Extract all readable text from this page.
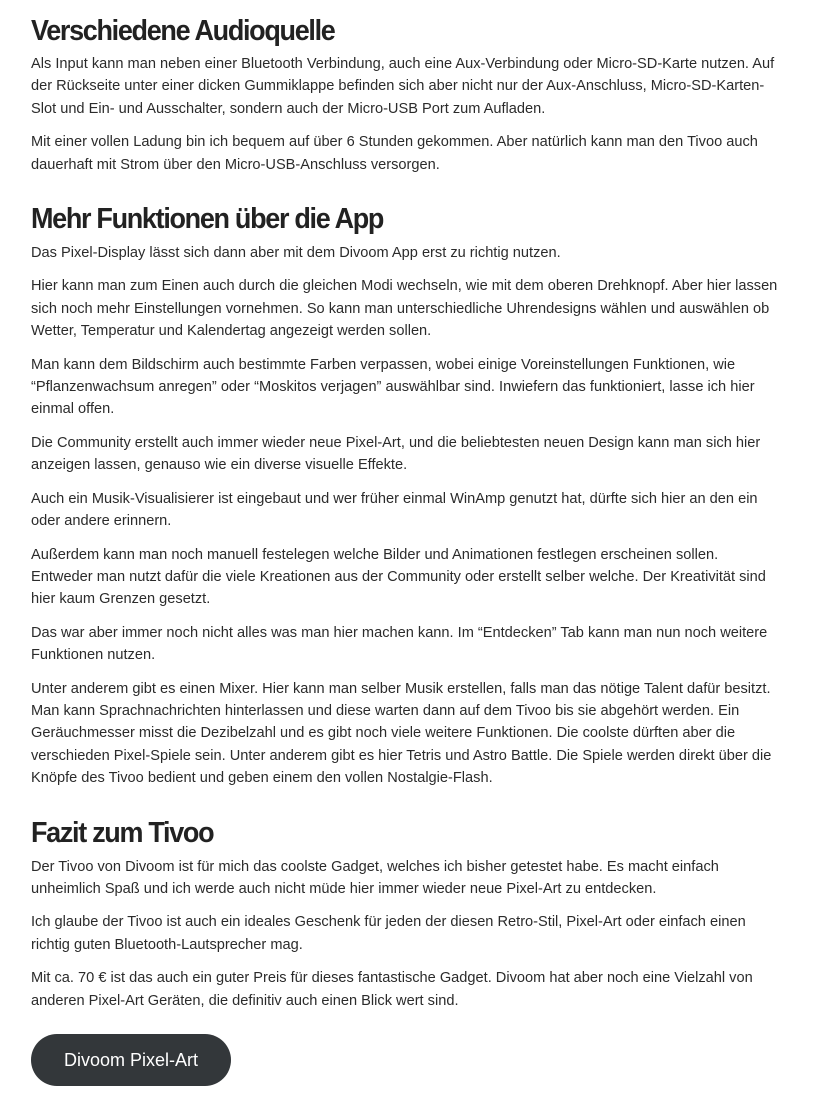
Verschiedene Audioquelle

Als Input kann man neben einer Bluetooth Verbindung, auch eine Aux-Verbindung oder Micro-SD-Karte nutzen. Auf der Rückseite unter einer dicken Gummiklappe befinden sich aber nicht nur der Aux-Anschluss, Micro-SD-Karten-Slot und Ein- und Ausschalter, sondern auch der Micro-USB Port zum Aufladen.

Mit einer vollen Ladung bin ich bequem auf über 6 Stunden gekommen. Aber natürlich kann man den Tivoo auch dauerhaft mit Strom über den Micro-USB-Anschluss versorgen.

Mehr Funktionen über die App

Das Pixel-Display lässt sich dann aber mit dem Divoom App erst zu richtig nutzen.

Hier kann man zum Einen auch durch die gleichen Modi wechseln, wie mit dem oberen Drehknopf. Aber hier lassen sich noch mehr Einstellungen vornehmen. So kann man unterschiedliche Uhrendesigns wählen und auswählen ob Wetter, Temperatur und Kalendertag angezeigt werden sollen.

Man kann dem Bildschirm auch bestimmte Farben verpassen, wobei einige Voreinstellungen Funktionen, wie “Pflanzenwachsum anregen” oder “Moskitos verjagen” auswählbar sind. Inwiefern das funktioniert, lasse ich hier einmal offen.

Die Community erstellt auch immer wieder neue Pixel-Art, und die beliebtesten neuen Design kann man sich hier anzeigen lassen, genauso wie ein diverse visuelle Effekte.

Auch ein Musik-Visualisierer ist eingebaut und wer früher einmal WinAmp genutzt hat, dürfte sich hier an den ein oder andere erinnern.

Außerdem kann man noch manuell festelegen welche Bilder und Animationen festlegen erscheinen sollen. Entweder man nutzt dafür die viele Kreationen aus der Community oder erstellt selber welche. Der Kreativität sind hier kaum Grenzen gesetzt.

Das war aber immer noch nicht alles was man hier machen kann. Im “Entdecken” Tab kann man nun noch weitere Funktionen nutzen.

Unter anderem gibt es einen Mixer. Hier kann man selber Musik erstellen, falls man das nötige Talent dafür besitzt. Man kann Sprachnachrichten hinterlassen und diese warten dann auf dem Tivoo bis sie abgehört werden. Ein Geräuchmesser misst die Dezibelzahl und es gibt noch viele weitere Funktionen. Die coolste dürften aber die verschieden Pixel-Spiele sein. Unter anderem gibt es hier Tetris und Astro Battle. Die Spiele werden direkt über die Knöpfe des Tivoo bedient und geben einem den vollen Nostalgie-Flash.

Fazit zum Tivoo

Der Tivoo von Divoom ist für mich das coolste Gadget, welches ich bisher getestet habe. Es macht einfach unheimlich Spaß und ich werde auch nicht müde hier immer wieder neue Pixel-Art zu entdecken.

Ich glaube der Tivoo ist auch ein ideales Geschenk für jeden der diesen Retro-Stil, Pixel-Art oder einfach einen richtig guten Bluetooth-Lautsprecher mag.

Mit ca. 70 € ist das auch ein guter Preis für dieses fantastische Gadget. Divoom hat aber noch eine Vielzahl von anderen Pixel-Art Geräten, die definitiv auch einen Blick wert sind.

Divoom Pixel-Art
